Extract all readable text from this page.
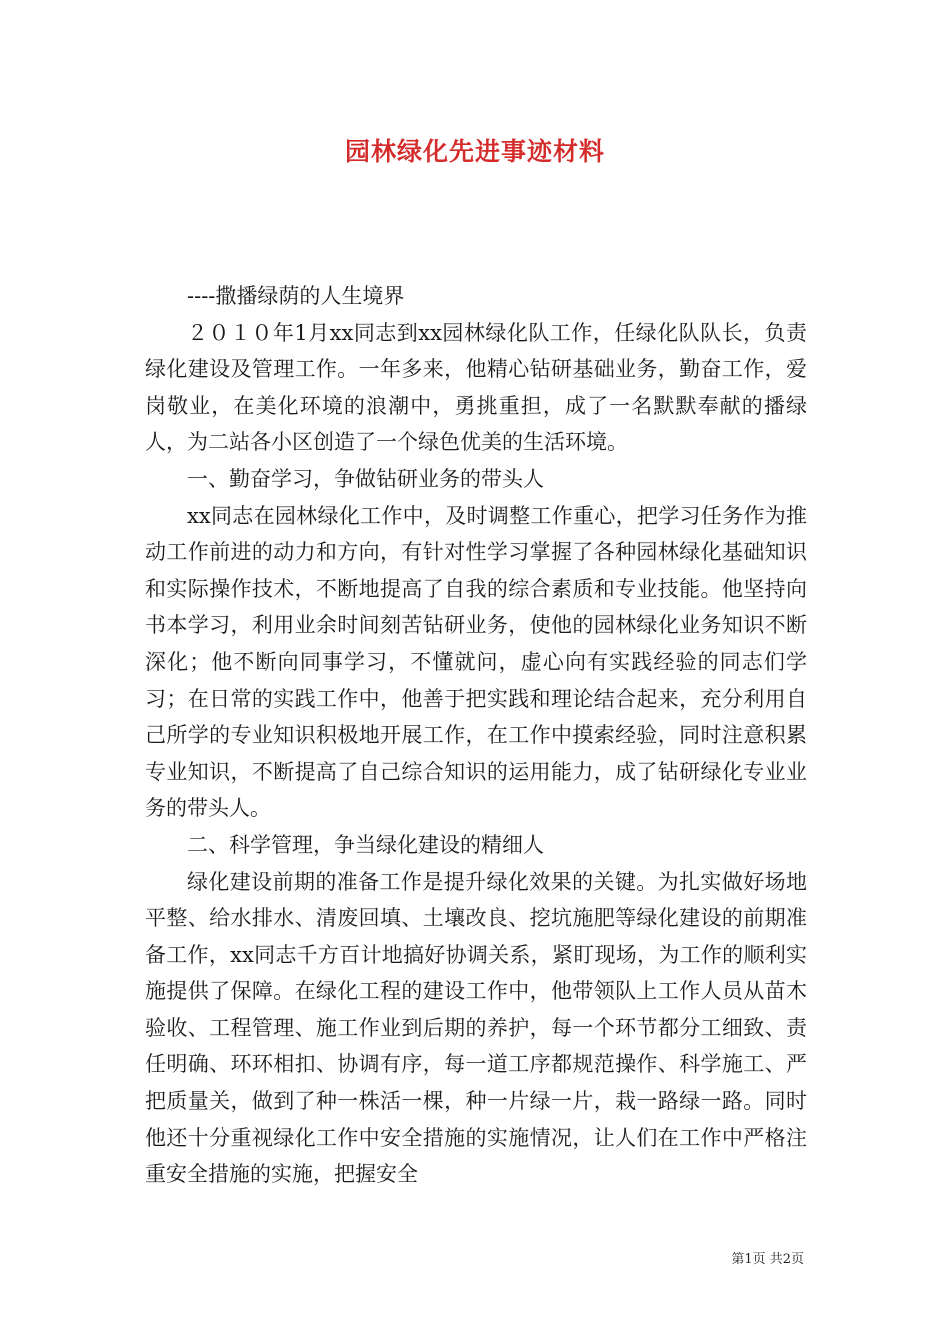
园林绿化先进事迹材料

----撒播绿荫的人生境界

２０１０年1月xx同志到xx园林绿化队工作，任绿化队队长，负责绿化建设及管理工作。一年多来，他精心钻研基础业务，勤奋工作，爱岗敬业，在美化环境的浪潮中，勇挑重担，成了一名默默奉献的播绿人，为二站各小区创造了一个绿色优美的生活环境。

一、勤奋学习，争做钻研业务的带头人

xx同志在园林绿化工作中，及时调整工作重心，把学习任务作为推动工作前进的动力和方向，有针对性学习掌握了各种园林绿化基础知识和实际操作技术，不断地提高了自我的综合素质和专业技能。他坚持向书本学习，利用业余时间刻苦钻研业务，使他的园林绿化业务知识不断深化；他不断向同事学习，不懂就问，虚心向有实践经验的同志们学习；在日常的实践工作中，他善于把实践和理论结合起来，充分利用自己所学的专业知识积极地开展工作，在工作中摸索经验，同时注意积累专业知识，不断提高了自己综合知识的运用能力，成了钻研绿化专业业务的带头人。

二、科学管理，争当绿化建设的精细人

绿化建设前期的准备工作是提升绿化效果的关键。为扎实做好场地平整、给水排水、清废回填、土壤改良、挖坑施肥等绿化建设的前期准备工作，xx同志千方百计地搞好协调关系，紧盯现场，为工作的顺利实施提供了保障。在绿化工程的建设工作中，他带领队上工作人员从苗木验收、工程管理、施工作业到后期的养护，每一个环节都分工细致、责任明确、环环相扣、协调有序，每一道工序都规范操作、科学施工、严把质量关，做到了种一株活一棵，种一片绿一片，栽一路绿一路。同时他还十分重视绿化工作中安全措施的实施情况，让人们在工作中严格注重安全措施的实施，把握安全

第1页 共2页
